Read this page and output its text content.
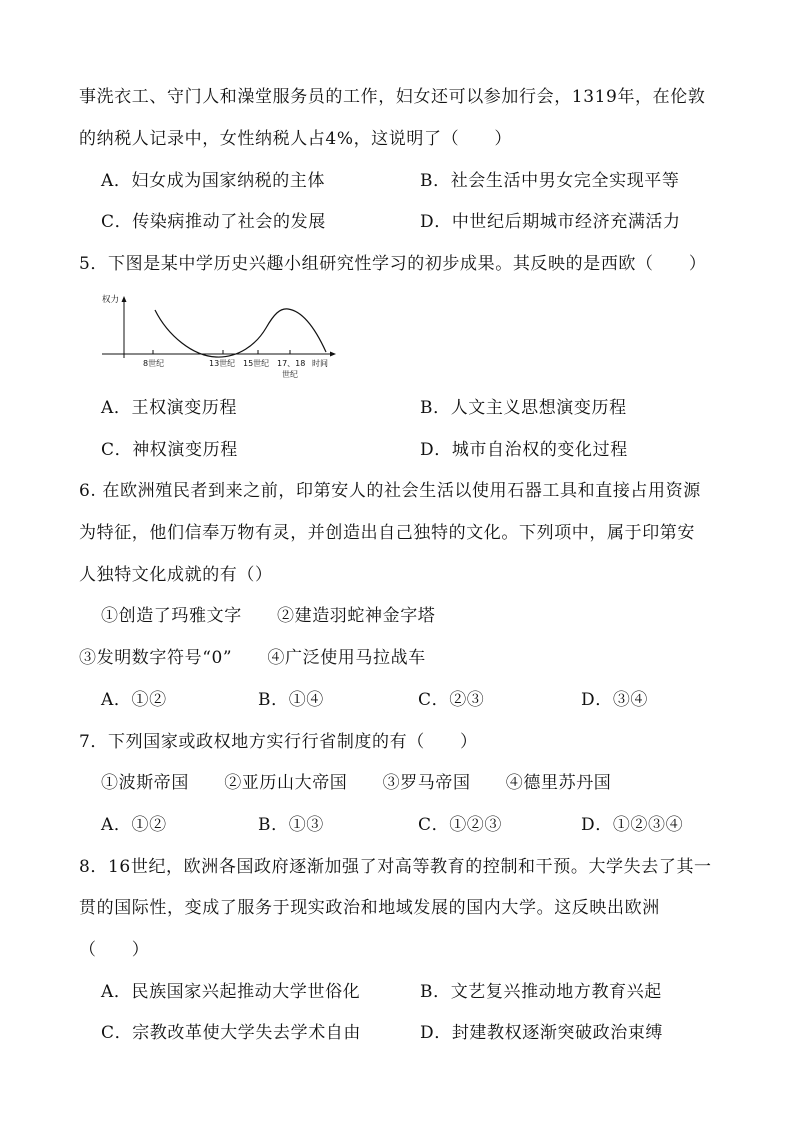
事洗衣工、守门人和澡堂服务员的工作，妇女还可以参加行会，1319年，在伦敦
的纳税人记录中，女性纳税人占4%，这说明了（　　）
A．妇女成为国家纳税的主体	B．社会生活中男女完全实现平等
C．传染病推动了社会的发展	D．中世纪后期城市经济充满活力
5．下图是某中学历史兴趣小组研究性学习的初步成果。其反映的是西欧（　　）
权力
8世纪	13世纪 15世纪 17、18
世纪
时间
A．王权演变历程	B．人文主义思想演变历程
C．神权演变历程	D．城市自治权的变化过程
6. 在欧洲殖民者到来之前，印第安人的社会生活以使用石器工具和直接占用资源
为特征，他们信奉万物有灵，并创造出自己独特的文化。下列项中，属于印第安
人独特文化成就的有（）
①创造了玛雅文字　　②建造羽蛇神金字塔
③发明数字符号“0”　　④广泛使用马拉战车
A．①②	B．①④	C．②③	D．③④
7．下列国家或政权地方实行行省制度的有（　　）
①波斯帝国　　②亚历山大帝国　　③罗马帝国　　④德里苏丹国
A．①②	B．①③	C．①②③	D．①②③④
8．16世纪，欧洲各国政府逐渐加强了对高等教育的控制和干预。大学失去了其一
贯的国际性，变成了服务于现实政治和地域发展的国内大学。这反映出欧洲
（　　）
A．民族国家兴起推动大学世俗化	B．文艺复兴推动地方教育兴起
C．宗教改革使大学失去学术自由	D．封建教权逐渐突破政治束缚
